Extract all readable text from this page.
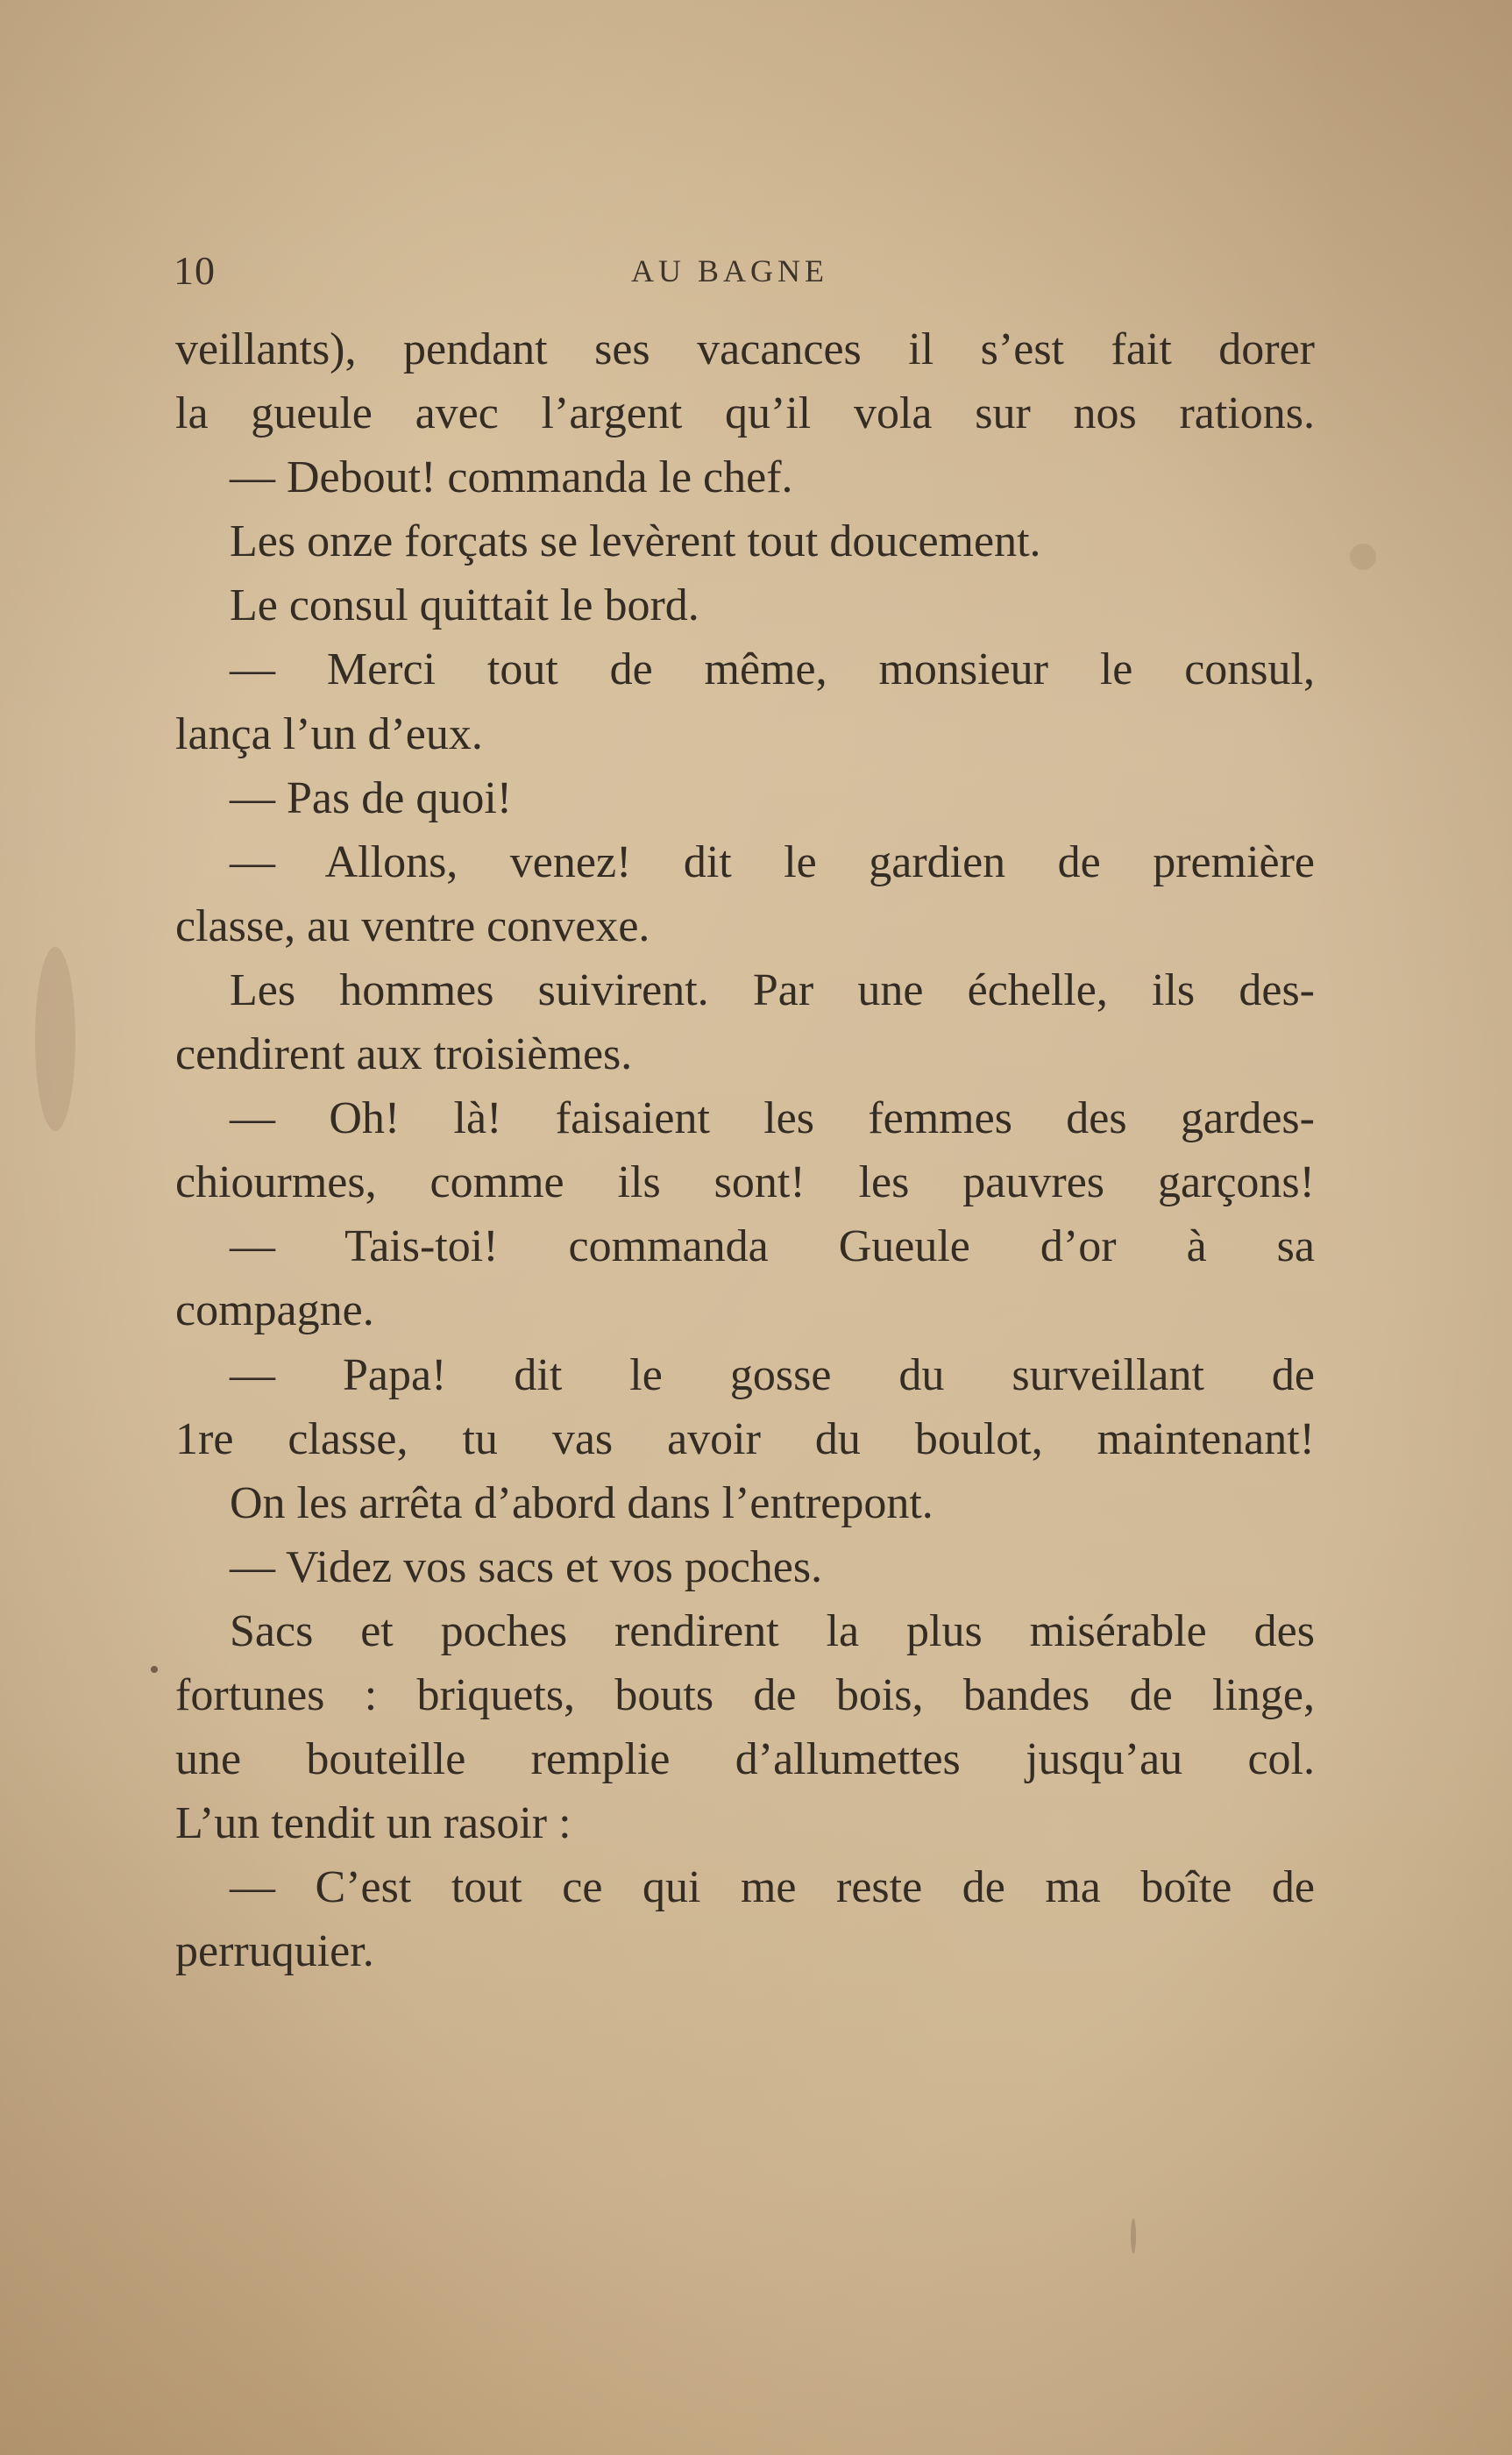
10	AU BAGNE
veillants), pendant ses vacances il s’est fait dorer
la gueule avec l’argent qu’il vola sur nos rations.
— Debout! commanda le chef.
Les onze forçats se levèrent tout doucement.
Le consul quittait le bord.
— Merci tout de même, monsieur le consul,
lança l’un d’eux.
— Pas de quoi!
— Allons, venez! dit le gardien de première
classe, au ventre convexe.
Les hommes suivirent. Par une échelle, ils des-
cendirent aux troisièmes.
— Oh! là! faisaient les femmes des gardes-
chiourmes, comme ils sont! les pauvres garçons!
— Tais-toi! commanda Gueule d’or à sa
compagne.
— Papa! dit le gosse du surveillant de
1re classe, tu vas avoir du boulot, maintenant!
On les arrêta d’abord dans l’entrepont.
— Videz vos sacs et vos poches.
Sacs et poches rendirent la plus misérable des
fortunes : briquets, bouts de bois, bandes de linge,
une bouteille remplie d’allumettes jusqu’au col.
L’un tendit un rasoir :
— C’est tout ce qui me reste de ma boîte de
perruquier.
